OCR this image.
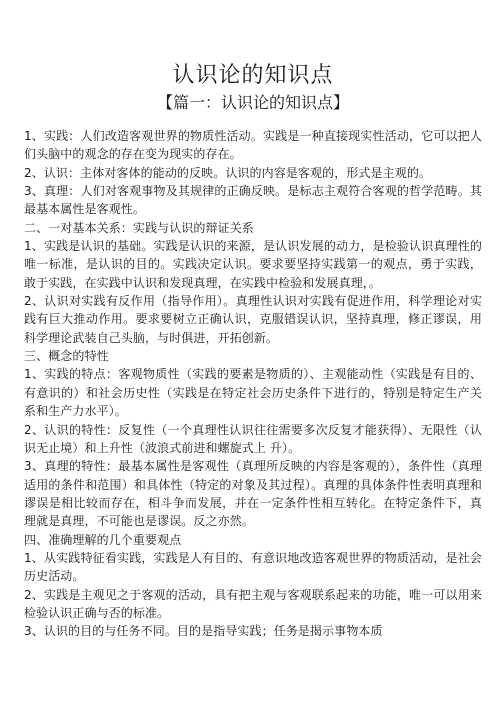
认识论的知识点
【篇一：认识论的知识点】

1、实践：人们改造客观世界的物质性活动。实践是一种直接现实性活动，它可以把人们头脑中的观念的存在变为现实的存在。

2、认识：主体对客体的能动的反映。认识的内容是客观的，形式是主观的。

3、真理：人们对客观事物及其规律的正确反映。是标志主观符合客观的哲学范畴。其最基本属性是客观性。

二、一对基本关系：实践与认识的辩证关系

1、实践是认识的基础。实践是认识的来源，是认识发展的动力，是检验认识真理性的唯一标准，是认识的目的。实践决定认识。要求要坚持实践第一的观点，勇于实践，敢于实践，在实践中认识和发现真理，在实践中检验和发展真理，。

2、认识对实践有反作用（指导作用）。真理性认识对实践有促进作用，科学理论对实践有巨大推动作用。要求要树立正确认识，克服错误认识，坚持真理，修正谬误，用科学理论武装自己头脑，与时俱进，开拓创新。

三、概念的特性

1、实践的特点：客观物质性（实践的要素是物质的）、主观能动性（实践是有目的、有意识的）和社会历史性（实践是在特定社会历史条件下进行的，特别是特定生产关系和生产力水平）。

2、认识的特性：反复性（一个真理性认识往往需要多次反复才能获得）、无限性（认识无止境）和上升性（波浪式前进和螺旋式上 升）。

3、真理的特性：最基本属性是客观性（真理所反映的内容是客观的），条件性（真理适用的条件和范围）和具体性（特定的对象及其过程）。真理的具体条件性表明真理和谬误是相比较而存在，相斗争而发展，并在一定条件性相互转化。在特定条件下，真理就是真理，不可能也是谬误。反之亦然。

四、准确理解的几个重要观点

1、从实践特征看实践，实践是人有目的、有意识地改造客观世界的物质活动，是社会历史活动。

2、实践是主观见之于客观的活动，具有把主观与客观联系起来的功能，唯一可以用来检验认识正确与否的标准。

3、认识的目的与任务不同。目的是指导实践；任务是揭示事物本质
